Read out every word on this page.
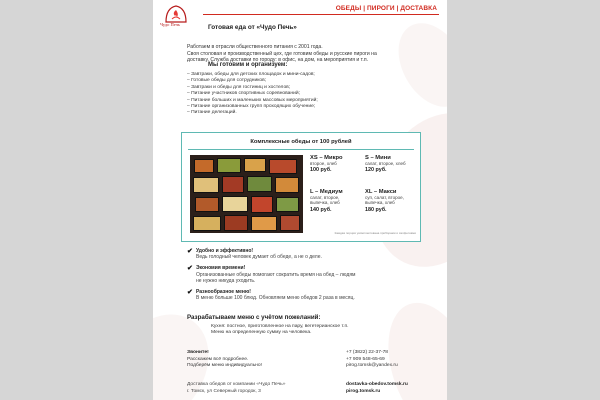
Чудо Печь
ОБЕДЫ | ПИРОГИ | ДОСТАВКА
Готовая еда от «Чудо Печь»
Работаем в отрасли общественного питания с 2001 года.
Своя столовая и производственный цех, где готовим обеды и русские пироги на
доставку. Служба доставки по городу: в офис, на дом, на мероприятия и т.п.
Мы готовим и организуем:
– Завтраки, обеды для детских площадок и мини-садов;
– Готовые обеды для сотрудников;
– Завтраки и обеды для гостиниц и хостелов;
– Питание участников спортивных соревнований;
– Питание больших и маленьких массовых мероприятий;
– Питание организованных групп проходящих обучение;
– Питание делегаций.
Комплексные обеды от 100 рублей
XS – Микро
второе, хлеб
100 руб.
S – Мини
салат, второе, хлеб
120 руб.
L – Медиум
салат, второе,
выпечка, хлеб
140 руб.
XL – Макси
суп, салат, второе,
выпечка, хлеб
180 руб.
Каждая порция укомплектована приборами и салфетками
✔ Удобно и эффективно!
Ведь голодный человек думает об обеде, а не о деле.
✔ Экономия времени!
Организованные обеды помогают сократить время на обед – людям
не нужно никуда уходить.
✔ Разнообразное меню!
В меню больше 100 блюд. Обновляем меню обедов 2 раза в месяц.
Разрабатываем меню с учётом пожеланий:
Кухня: постное, приготовленное на пару, вегетерианское т.п.
Меню на определенную сумму на человека.
Звоните!
Расскажем всё подробнее.
Подберём меню индивидуально!
+7 (3822) 22-37-78
+7 909 548-65-69
pirog.tomsk@yandex.ru
Доставка обедов от компании «Чудо Печь»
г. Томск, ул Северный городок, 3
dostavka-obedov.tomsk.ru
pirog.tomsk.ru
